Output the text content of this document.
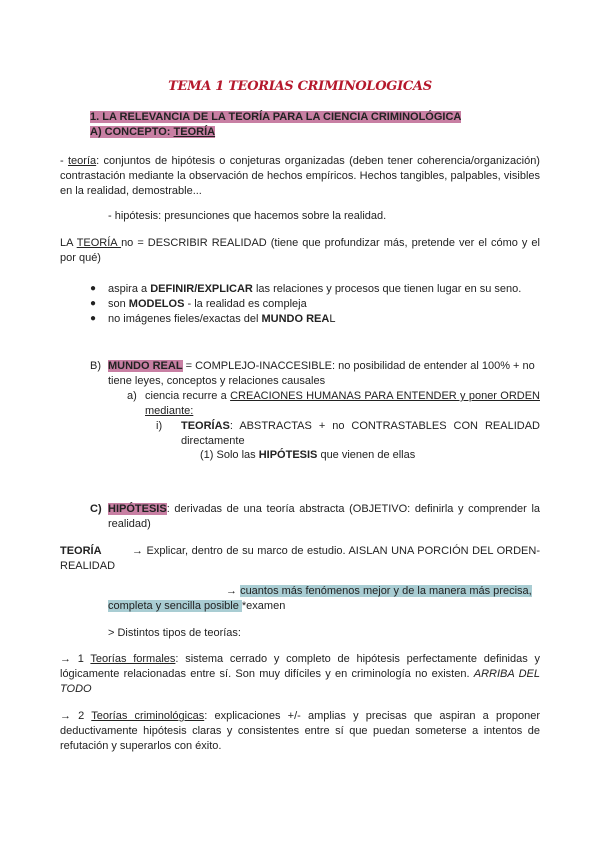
TEMA 1 TEORIAS CRIMINOLOGICAS
1. LA RELEVANCIA DE LA TEORÍA PARA LA CIENCIA CRIMINOLÓGICA
A) CONCEPTO: TEORÍA
- teoría: conjuntos de hipótesis o conjeturas organizadas (deben tener coherencia/organización) contrastación mediante la observación de hechos empíricos. Hechos tangibles, palpables, visibles en la realidad, demostrable...
- hipótesis: presunciones que hacemos sobre la realidad.
LA TEORÍA no = DESCRIBIR REALIDAD (tiene que profundizar más, pretende ver el cómo y el por qué)
● aspira a DEFINIR/EXPLICAR las relaciones y procesos que tienen lugar en su seno.
● son MODELOS - la realidad es compleja
● no imágenes fieles/exactas del MUNDO REAL
B) MUNDO REAL = COMPLEJO-INACCESIBLE: no posibilidad de entender al 100% + no tiene leyes, conceptos y relaciones causales
a) ciencia recurre a CREACIONES HUMANAS PARA ENTENDER y poner ORDEN mediante:
i) TEORÍAS: ABSTRACTAS + no CONTRASTABLES CON REALIDAD directamente
(1) Solo las HIPÓTESIS que vienen de ellas
C) HIPÓTESIS: derivadas de una teoría abstracta (OBJETIVO: definirla y comprender la realidad)
TEORÍA	→ Explicar, dentro de su marco de estudio. AISLAN UNA PORCIÓN DEL ORDEN-REALIDAD
→ cuantos más fenómenos mejor y de la manera más precisa,
completa y sencilla posible *examen
> Distintos tipos de teorías:
→ 1 Teorías formales: sistema cerrado y completo de hipótesis perfectamente definidas y lógicamente relacionadas entre sí. Son muy difíciles y en criminología no existen. ARRIBA DEL TODO
→ 2 Teorías criminológicas: explicaciones +/- amplias y precisas que aspiran a proponer deductivamente hipótesis claras y consistentes entre sí que puedan someterse a intentos de refutación y superarlos con éxito.
